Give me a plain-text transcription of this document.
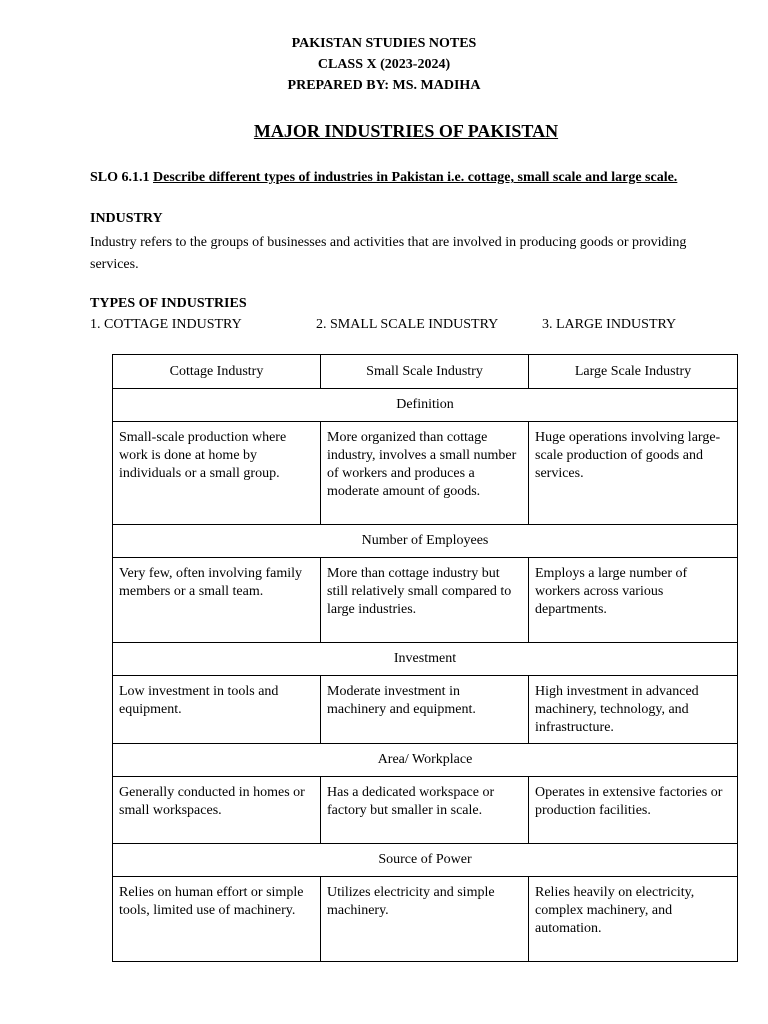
PAKISTAN STUDIES NOTES
CLASS X (2023-2024)
PREPARED BY: MS. MADIHA
MAJOR INDUSTRIES OF PAKISTAN
SLO 6.1.1 Describe different types of industries in Pakistan i.e. cottage, small scale and large scale.
INDUSTRY
Industry refers to the groups of businesses and activities that are involved in producing goods or providing services.
TYPES OF INDUSTRIES
1. COTTAGE INDUSTRY	2. SMALL SCALE INDUSTRY	3. LARGE INDUSTRY
Cottage Industry	Small Scale Industry	Large Scale Industry
Definition		
Small-scale production where work is done at home by individuals or a small group.	More organized than cottage industry, involves a small number of workers and produces a moderate amount of goods.	Huge operations involving large-scale production of goods and services.
Number of Employees		
Very few, often involving family members or a small team.	More than cottage industry but still relatively small compared to large industries.	Employs a large number of workers across various departments.
Investment		
Low investment in tools and equipment.	Moderate investment in machinery and equipment.	High investment in advanced machinery, technology, and infrastructure.
Area/ Workplace		
Generally conducted in homes or small workspaces.	Has a dedicated workspace or factory but smaller in scale.	Operates in extensive factories or production facilities.
Source of Power		
Relies on human effort or simple tools, limited use of machinery.	Utilizes electricity and simple machinery.	Relies heavily on electricity, complex machinery, and automation.
